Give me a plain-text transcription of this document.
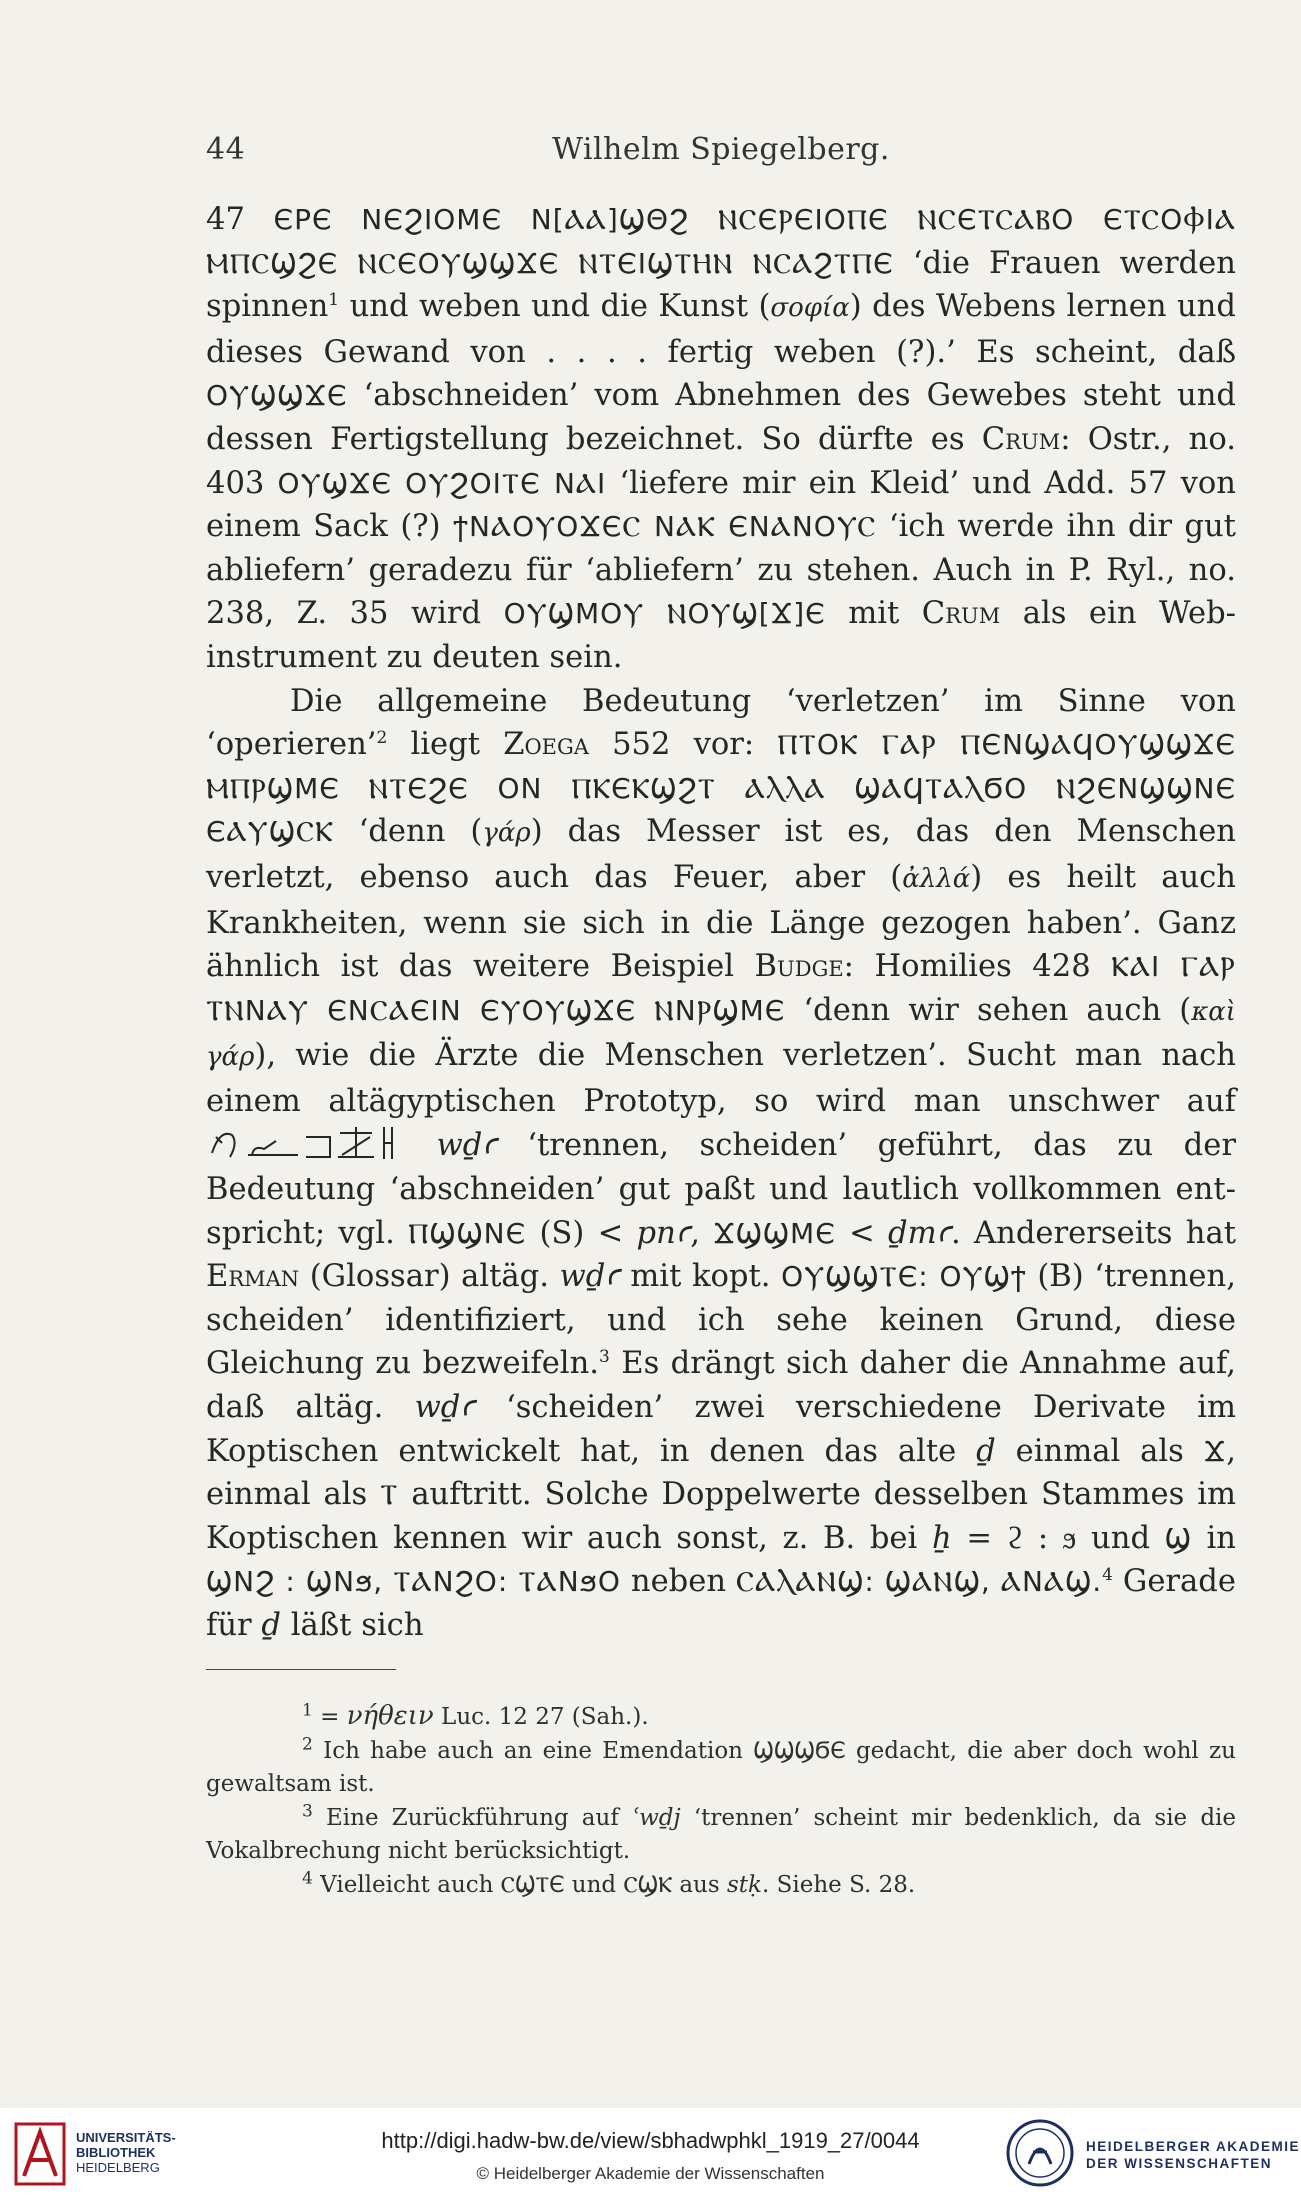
44	Wilhelm Spiegelberg.

47 ЄΡЄ ΝЄϨΙΟΜЄ Ν[ⲀⲀ]ϢΘϨ ⲚⲤЄⲢЄΙΟⲠЄ ⲚⲤЄⲦⲤⲀⲂΟ ЄⲦⲤΟⲪΙⲀ ⲘⲠⲤϢϨЄ ⲚⲤЄΟⲨϢϢϪЄ ⲚⲦЄΙϢⲦⲎⲚ ⲚⲤⲀϨⲦⲠЄ ‘die Frauen werden spinnen$^1$ und weben und die Kunst (σοφία) des Webens lernen und dieses Gewand von . . . . fertig weben (?).’ Es scheint, daß ΟⲨϢϢϪЄ ‘abschneiden’ vom Abnehmen des Gewebes steht und dessen Fertigstellung bezeichnet. So dürfte es Crum: Ostr., no. 403 ΟⲨϢϪЄ ΟⲨϨΟΙⲦЄ ΝⲀΙ ‘liefere mir ein Kleid’ und Add. 57 von einem Sack (?) ϯΝⲀΟⲨΟϪЄⲤ ΝⲀⲔ ЄΝⲀΝΟⲨⲤ ‘ich werde ihn dir gut abliefern’ geradezu für ‘abliefern’ zu stehen. Auch in P. Ryl., no. 238, Z. 35 wird ΟⲨϢΜΟⲨ ⲚΟⲨϢ[Ϫ]Є mit Crum als ein Webinstrument zu deuten sein.

Die allgemeine Bedeutung ‘verletzen’ im Sinne von ‘operieren’$^2$ liegt Zoega 552 vor: ⲠⲦΟⲔ ⲄⲀⲢ ⲠЄΝϢⲀϤΟⲨϢϢϪЄ ⲘⲠⲢϢΜЄ ⲚⲦЄϨЄ ΟΝ ⲠⲔЄⲔϢϨⲦ ⲀⲖⲖⲀ ϢⲀϤⲦⲀⲖϬΟ ⲚϨЄΝϢϢΝЄ ЄⲀⲨϢⲤⲔ ‘denn (γάρ) das Messer ist es, das den Menschen verletzt, ebenso auch das Feuer, aber (ἀλλά) es heilt auch Krankheiten, wenn sie sich in die Länge gezogen haben’. Ganz ähnlich ist das weitere Beispiel Budge: Homilies 428 ⲔⲀΙ ⲄⲀⲢ ⲦⲚΝⲀⲨ ЄΝⲤⲀЄΙΝ ЄⲨΟⲨϢϪЄ ⲚΝⲢϢΜЄ ‘denn wir sehen auch (καὶ γάρ), wie die Ärzte die Menschen verletzen’. Sucht man nach einem altägyptischen Prototyp, so wird man unschwer auf  wḏꜥ ‘trennen, scheiden’ geführt, das zu der Bedeutung ‘abschneiden’ gut paßt und lautlich vollkommen entspricht; vgl. ⲠϢϢΝЄ (S) < pnꜥ, ϪϢϢΜЄ < ḏmꜥ. Andererseits hat Erman (Glossar) altäg. wḏꜥ mit kopt. ΟⲨϢϢⲦЄ: ΟⲨϢϯ (B) ‘trennen, scheiden’ identifiziert, und ich sehe keinen Grund, diese Gleichung zu bezweifeln.$^3$ Es drängt sich daher die Annahme auf, daß altäg. wḏꜥ ‘scheiden’ zwei verschiedene Derivate im Koptischen entwickelt hat, in denen das alte ḏ einmal als Ϫ, einmal als Ⲧ auftritt. Solche Doppelwerte desselben Stammes im Koptischen kennen wir auch sonst, z. B. bei ẖ = ϩ : ϧ und Ϣ in ϢΝϨ : ϢΝϧ, ⲦⲀΝϨΟ: ⲦⲀΝϧΟ neben ⲤⲀⲖⲀⲚϢ: ϢⲀⲚϢ, ⲀΝⲀϢ.$^4$ Gerade für ḏ läßt sich

$^1$ = νήθειν Luc. 12 27 (Sah.).

$^2$ Ich habe auch an eine Emendation ϢϢϢϬЄ gedacht, die aber doch wohl zu gewaltsam ist.

$^3$ Eine Zurückführung auf ʿwḏj ‘trennen’ scheint mir bedenklich, da sie die Vokalbrechung nicht berücksichtigt.

$^4$ Vielleicht auch ⲤϢⲦЄ und ⲤϢⲔ aus stḳ. Siehe S. 28.

UNIVERSITÄTS-
BIBLIOTHEK
HEIDELBERG
http://digi.hadw-bw.de/view/sbhadwphkl_1919_27/0044
© Heidelberger Akademie der Wissenschaften
HEIDELBERGER AKADEMIE
DER WISSENSCHAFTEN
